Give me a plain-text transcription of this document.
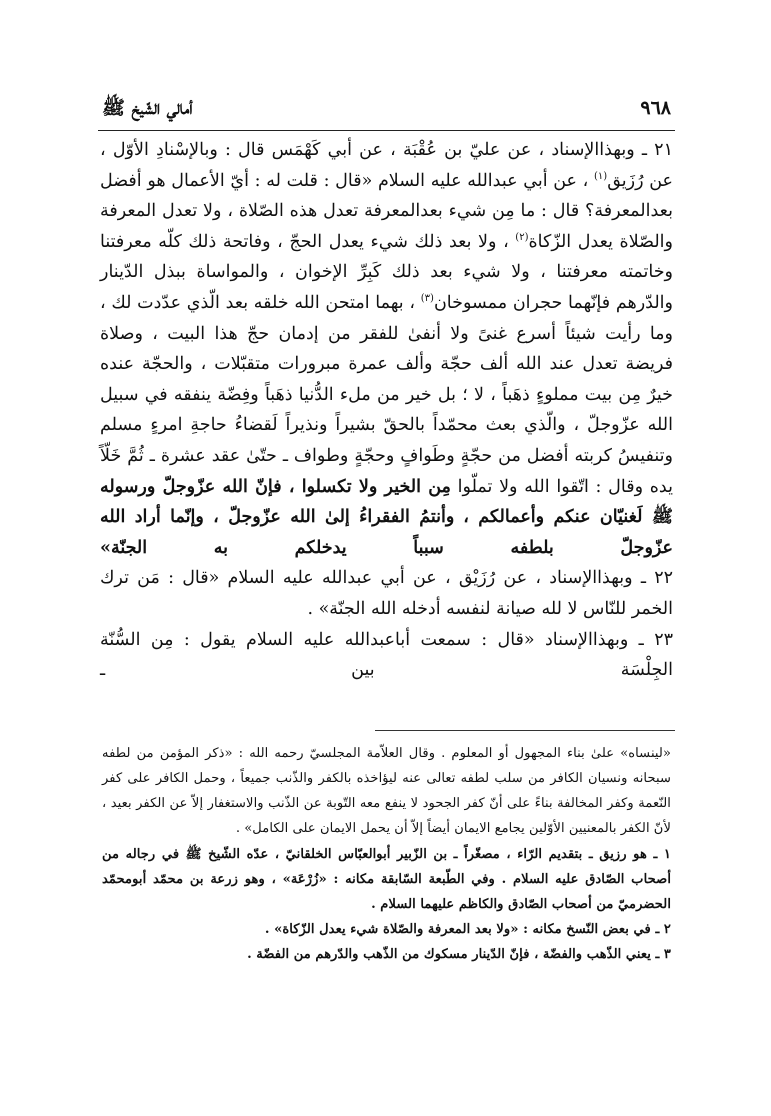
٩٦٨
أمالي الشّيخ ﷺ

٢١ ـ وبهذاالإسناد ، عن عليّ بن عُقْبَة ، عن أبي كَهْمَس قال : وبالإسْنادِ الأوّل ، عن رُزَيق$^{(١)}$ ، عن أبي عبدالله عليه السلام «قال : قلت له : أيّ الأعمال هو أفضل بعدالمعرفة؟ قال : ما مِن شيء بعدالمعرفة تعدل هذه الصّلاة ، ولا تعدل المعرفة والصّلاة يعدل الزّكاة$^{(٢)}$ ، ولا بعد ذلك شيء يعدل الحجّ ، وفاتحة ذلك كلّه معرفتنا وخاتمته معرفتنا ، ولا شيء بعد ذلك كَبِرِّ الإخوان ، والمواساة ببذل الدّينار والدّرهم فإنّهما حجران ممسوخان$^{(٣)}$ ، بهما امتحن الله خلقه بعد الّذي عدّدت لك ، وما رأيت شيئاً أسرع غنىً ولا أنفىٰ للفقر من إدمان حجّ هذا البيت ، وصلاة فريضة تعدل عند الله ألف حجّة وألف عمرة مبرورات متقبّلات ، والحجّة عنده خيرٌ مِن بيت مملوءٍ ذهَباً ، لا ؛ بل خير من ملء الدُّنيا ذهَباً وفِضّة ينفقه في سبيل الله عزّوجلّ ، والّذي بعث محمّداً بالحقّ بشيراً ونذيراً لَقضاءُ حاجةِ امرءٍ مسلم وتنفيسُ كربته أفضل من حجّةٍ وطَوافٍ وحجّةٍ وطواف ـ حتّىٰ عقد عشرة ـ ثُمَّ خَلّاً يده وقال : اتّقوا الله ولا تملّوا مِن الخير ولا تكسلوا ، فإنّ الله عزّوجلّ ورسوله ﷺ لَغنيّان عنكم وأعمالكم ، وأنتمُ الفقراءُ إلىٰ الله عزّوجلّ ، وإنّما أراد الله عزّوجلّ بلطفه سبباً يدخلكم به الجنّة»

٢٢ ـ وبهذاالإسناد ، عن رُزَيْق ، عن أبي عبدالله عليه السلام «قال : مَن ترك الخمر للنّاس لا لله صيانة لنفسه أدخله الله الجنّة» .

٢٣ ـ وبهذاالإسناد «قال : سمعت أباعبدالله عليه السلام يقول : مِن السُّنّة الجِلْسَة بين ـ

«لينساه» علىٰ بناء المجهول أو المعلوم . وقال العلاّمة المجلسيّ رحمه الله : «ذكر المؤمن من لطفه سبحانه ونسيان الكافر من سلب لطفه تعالى عنه ليؤاخذه بالكفر والذّنب جميعاً ، وحمل الكافر على كفر النّعمة وكفر المخالفة بناءً على أنّ كفر الجحود لا ينفع معه التّوبة عن الذّنب والاستغفار إلاّ عن الكفر بعيد ، لأنّ الكفر بالمعنيين الأوّلين يجامع الايمان أيضاً إلاّ أن يحمل الايمان على الكامل» .

١ ـ هو رزيق ـ بتقديم الرّاء ، مصغّراً ـ بن الزّبير أبوالعبّاس الخلقانيّ ، عدّه الشّيخ ﷺ في رجاله من أصحاب الصّادق عليه السلام . وفي الطّبعة السّابقة مكانه : «زُرْعَة» ، وهو زرعة بن محمّد أبومحمّد الحضرميّ من أصحاب الصّادق والكاظم عليهما السلام .

٢ ـ في بعض النّسخ مكانه : «ولا بعد المعرفة والصّلاة شيء يعدل الزّكاة» .

٣ ـ يعني الذّهب والفضّة ، فإنّ الدّينار مسكوك من الذّهب والدّرهم من الفضّة .
